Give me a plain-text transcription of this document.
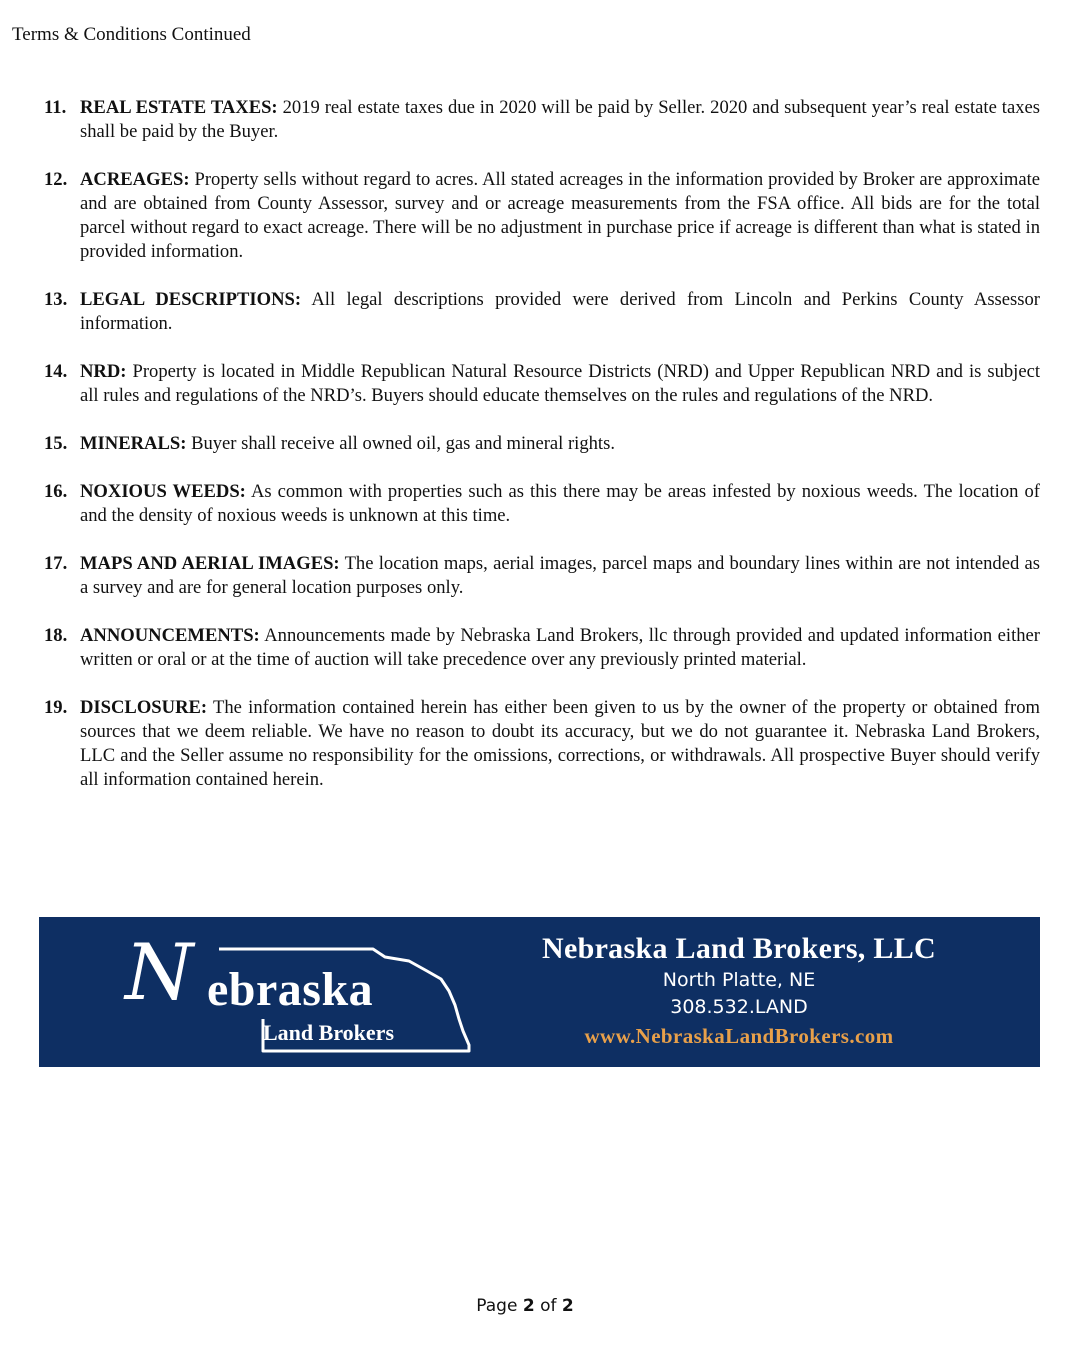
Terms & Conditions Continued
11. REAL ESTATE TAXES: 2019 real estate taxes due in 2020 will be paid by Seller. 2020 and subsequent year’s real estate taxes shall be paid by the Buyer.
12. ACREAGES: Property sells without regard to acres. All stated acreages in the information provided by Broker are approximate and are obtained from County Assessor, survey and or acreage measurements from the FSA office. All bids are for the total parcel without regard to exact acreage. There will be no adjustment in purchase price if acreage is different than what is stated in provided information.
13. LEGAL DESCRIPTIONS: All legal descriptions provided were derived from Lincoln and Perkins County Assessor information.
14. NRD: Property is located in Middle Republican Natural Resource Districts (NRD) and Upper Republican NRD and is subject all rules and regulations of the NRD’s. Buyers should educate themselves on the rules and regulations of the NRD.
15. MINERALS: Buyer shall receive all owned oil, gas and mineral rights.
16. NOXIOUS WEEDS: As common with properties such as this there may be areas infested by noxious weeds. The location of and the density of noxious weeds is unknown at this time.
17. MAPS AND AERIAL IMAGES: The location maps, aerial images, parcel maps and boundary lines within are not intended as a survey and are for general location purposes only.
18. ANNOUNCEMENTS: Announcements made by Nebraska Land Brokers, llc through provided and updated information either written or oral or at the time of auction will take precedence over any previously printed material.
19. DISCLOSURE: The information contained herein has either been given to us by the owner of the property or obtained from sources that we deem reliable. We have no reason to doubt its accuracy, but we do not guarantee it. Nebraska Land Brokers, LLC and the Seller assume no responsibility for the omissions, corrections, or withdrawals. All prospective Buyer should verify all information contained herein.
N ebraska
Land Brokers
Nebraska Land Brokers, LLC
North Platte, NE
308.532.LAND
www.NebraskaLandBrokers.com
Page 2 of 2
